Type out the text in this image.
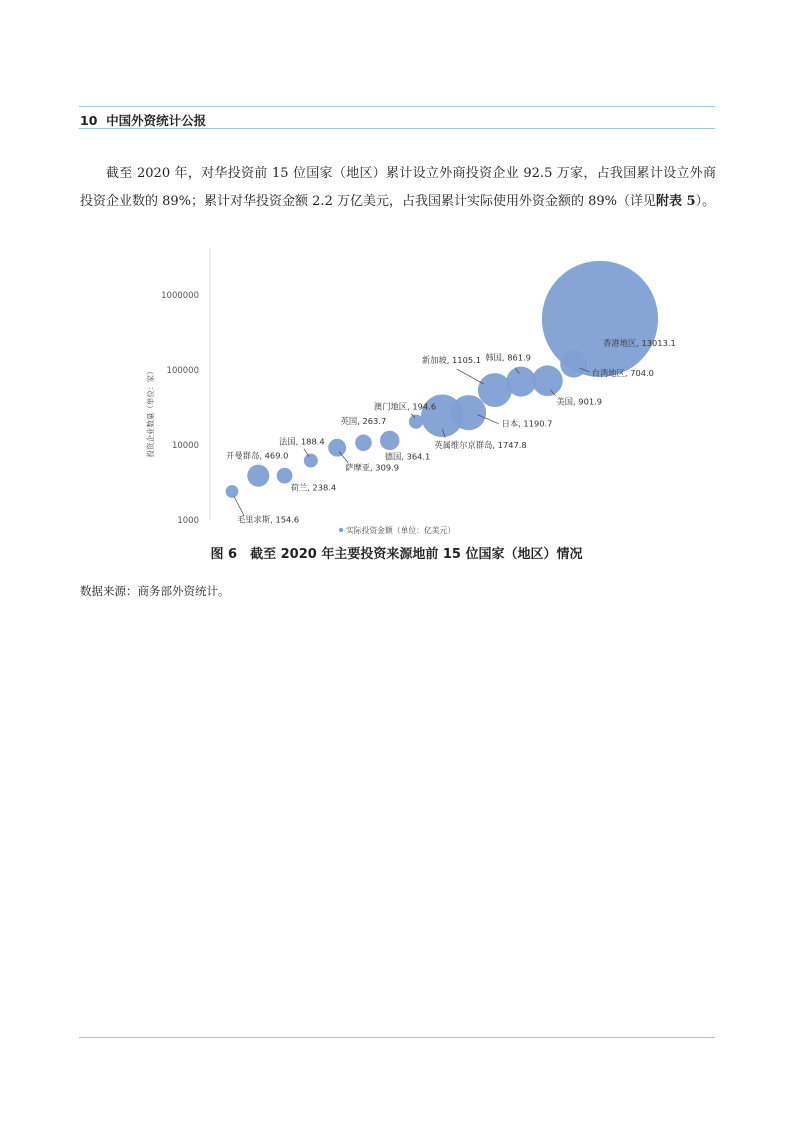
10 中国外资统计公报
截至 2020 年，对华投资前 15 位国家（地区）累计设立外商投资企业 92.5 万家，占我国累计设立外商投资企业数的 89%；累计对华投资金额 2.2 万亿美元，占我国累计实际使用外资金额的 89%（详见附表 5）。
1000
10000
100000
1000000
投资企业数量（单位：家）
毛里求斯, 154.6
开曼群岛, 469.0
荷兰, 238.4
法国, 188.4
萨摩亚, 309.9
英国, 263.7
德国, 364.1
澳门地区, 194.6
英属维尔京群岛, 1747.8
日本, 1190.7
新加坡, 1105.1 韩国, 861.9
美国, 901.9
台湾地区, 704.0
香港地区, 13013.1
实际投资金额（单位：亿美元）
图 6　截至 2020 年主要投资来源地前 15 位国家（地区）情况
数据来源：商务部外资统计。
